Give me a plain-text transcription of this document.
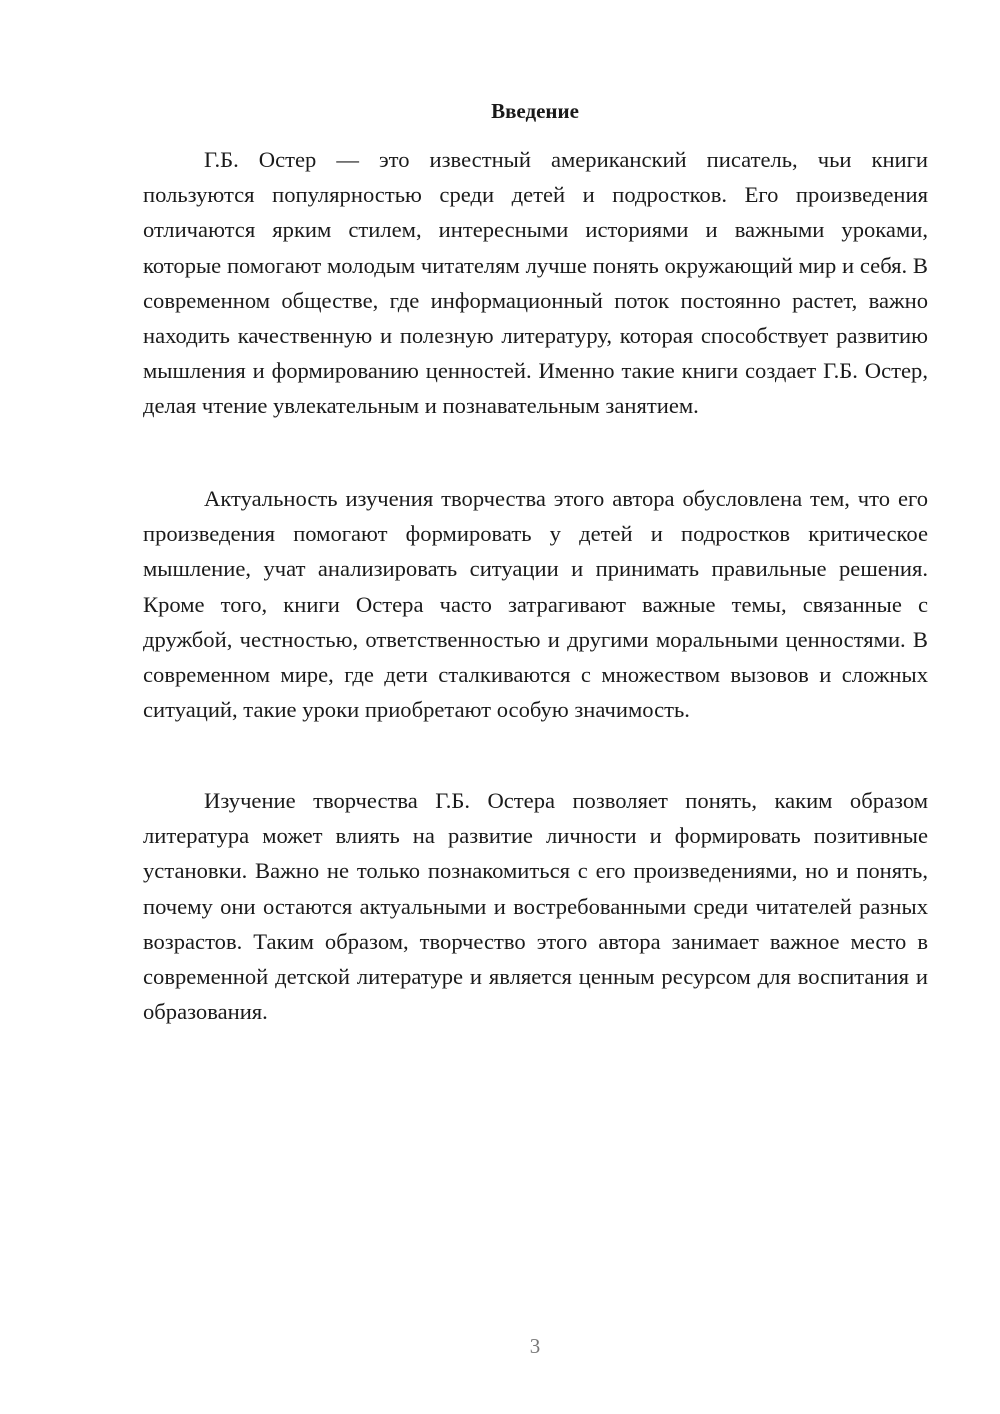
Введение

Г.Б. Остер — это известный американский писатель, чьи книги пользуются популярностью среди детей и подростков. Его произведения отличаются ярким стилем, интересными историями и важными уроками, которые помогают молодым читателям лучше понять окружающий мир и себя. В современном обществе, где информационный поток постоянно растет, важно находить качественную и полезную литературу, которая способствует развитию мышления и формированию ценностей. Именно такие книги создает Г.Б. Остер, делая чтение увлекательным и познавательным занятием.

Актуальность изучения творчества этого автора обусловлена тем, что его произведения помогают формировать у детей и подростков критическое мышление, учат анализировать ситуации и принимать правильные решения. Кроме того, книги Остера часто затрагивают важные темы, связанные с дружбой, честностью, ответственностью и другими моральными ценностями. В современном мире, где дети сталкиваются с множеством вызовов и сложных ситуаций, такие уроки приобретают особую значимость.

Изучение творчества Г.Б. Остера позволяет понять, каким образом литература может влиять на развитие личности и формировать позитивные установки. Важно не только познакомиться с его произведениями, но и понять, почему они остаются актуальными и востребованными среди читателей разных возрастов. Таким образом, творчество этого автора занимает важное место в современной детской литературе и является ценным ресурсом для воспитания и образования.

3
